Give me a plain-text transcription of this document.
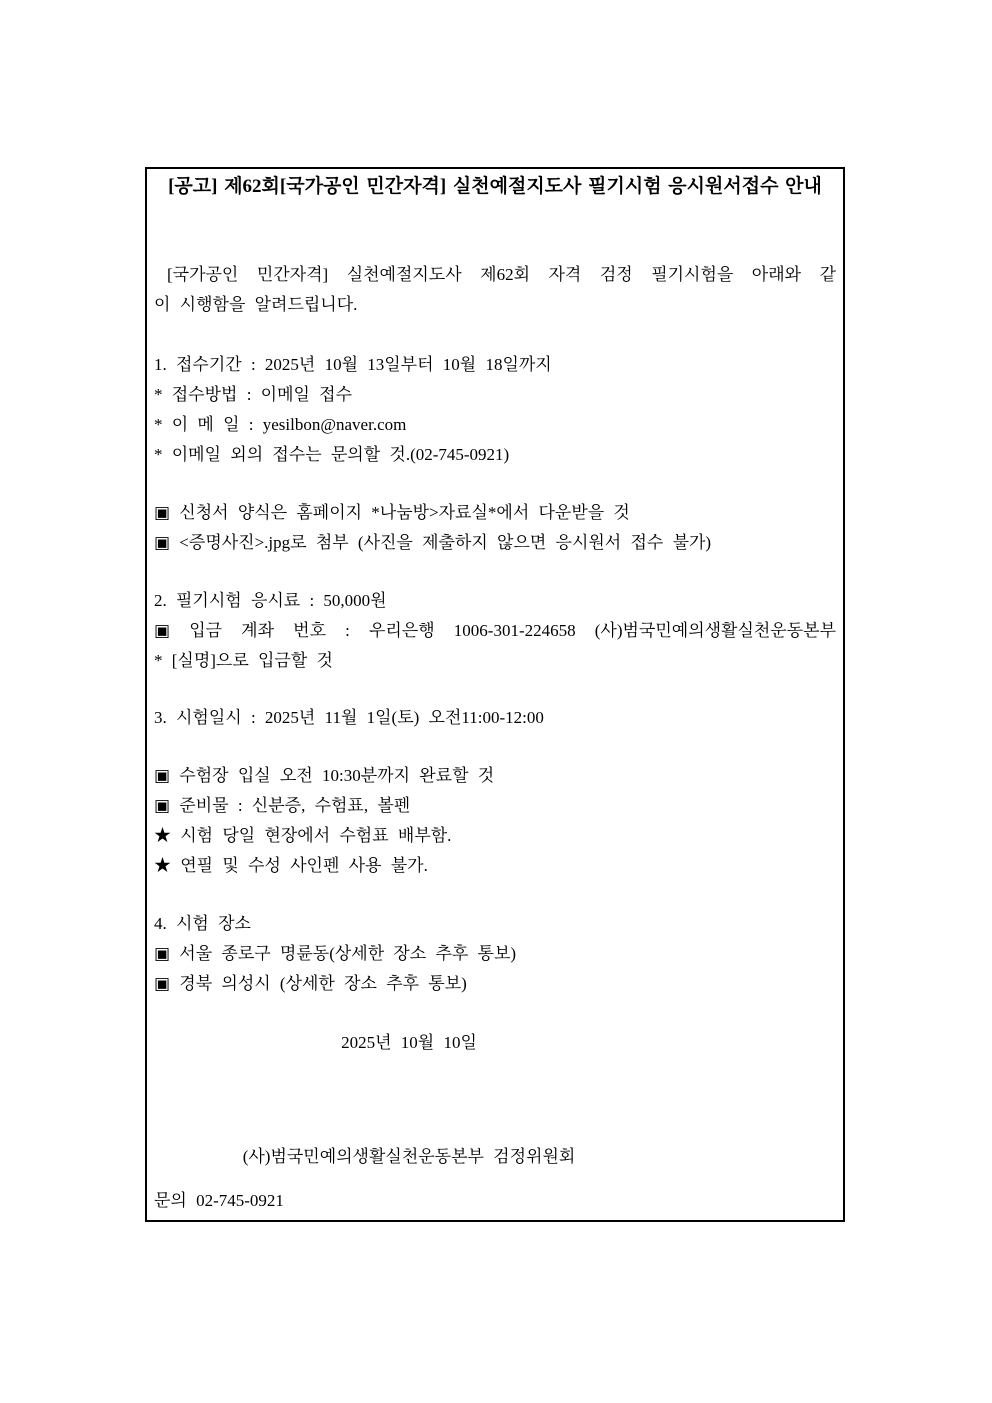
[공고] 제62회[국가공인 민간자격] 실천예절지도사 필기시험 응시원서접수 안내
[국가공인 민간자격] 실천예절지도사 제62회 자격 검정 필기시험을 아래와 같
이 시행함을 알려드립니다.
1. 접수기간 : 2025년 10월 13일부터 10월 18일까지
* 접수방법 : 이메일 접수
* 이 메 일 : yesilbon@naver.com
* 이메일 외의 접수는 문의할 것.(02-745-0921)
▣ 신청서 양식은 홈페이지 *나눔방>자료실*에서 다운받을 것
▣ <증명사진>.jpg로 첨부 (사진을 제출하지 않으면 응시원서 접수 불가)
2. 필기시험 응시료 : 50,000원
▣ 입금 계좌 번호 : 우리은행 1006-301-224658 (사)범국민예의생활실천운동본부
* [실명]으로 입금할 것
3. 시험일시 : 2025년 11월 1일(토) 오전11:00-12:00
▣ 수험장 입실 오전 10:30분까지 완료할 것
▣ 준비물 : 신분증, 수험표, 볼펜
★ 시험 당일 현장에서 수험표 배부함.
★ 연필 및 수성 사인펜 사용 불가.
4. 시험 장소
▣ 서울 종로구 명륜동(상세한 장소 추후 통보)
▣ 경북 의성시 (상세한 장소 추후 통보)
2025년 10월 10일
(사)범국민예의생활실천운동본부 검정위원회
문의 02-745-0921
